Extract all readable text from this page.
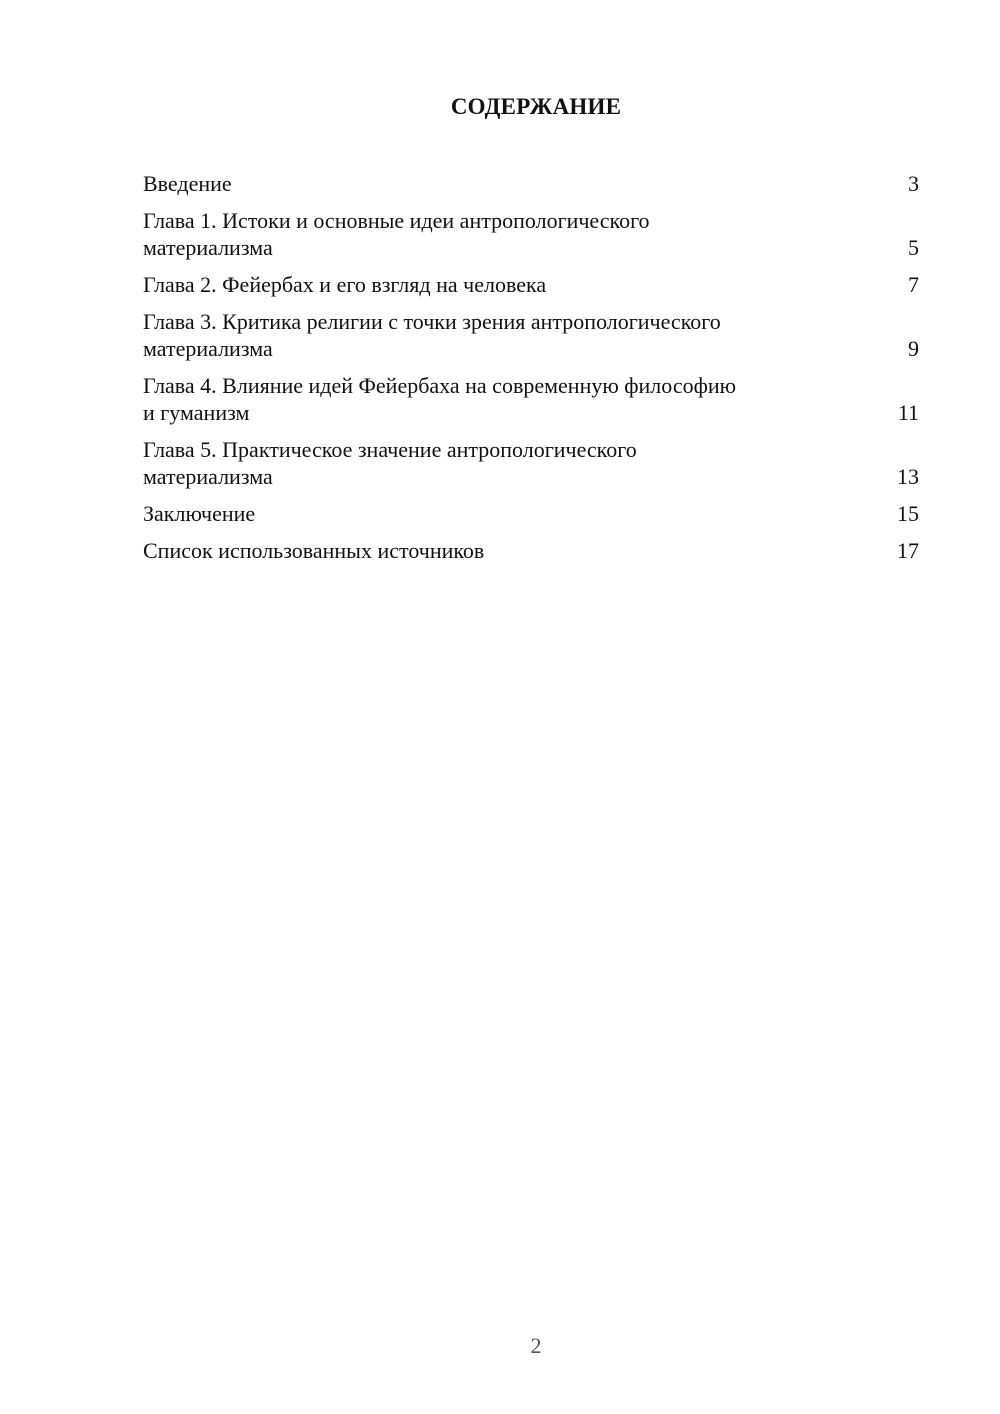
СОДЕРЖАНИЕ
Введение	3
Глава 1. Истоки и основные идеи антропологического
материализма	5
Глава 2. Фейербах и его взгляд на человека	7
Глава 3. Критика религии с точки зрения антропологического
материализма	9
Глава 4. Влияние идей Фейербаха на современную философию
и гуманизм	11
Глава 5. Практическое значение антропологического
материализма	13
Заключение	15
Список использованных источников	17
2
